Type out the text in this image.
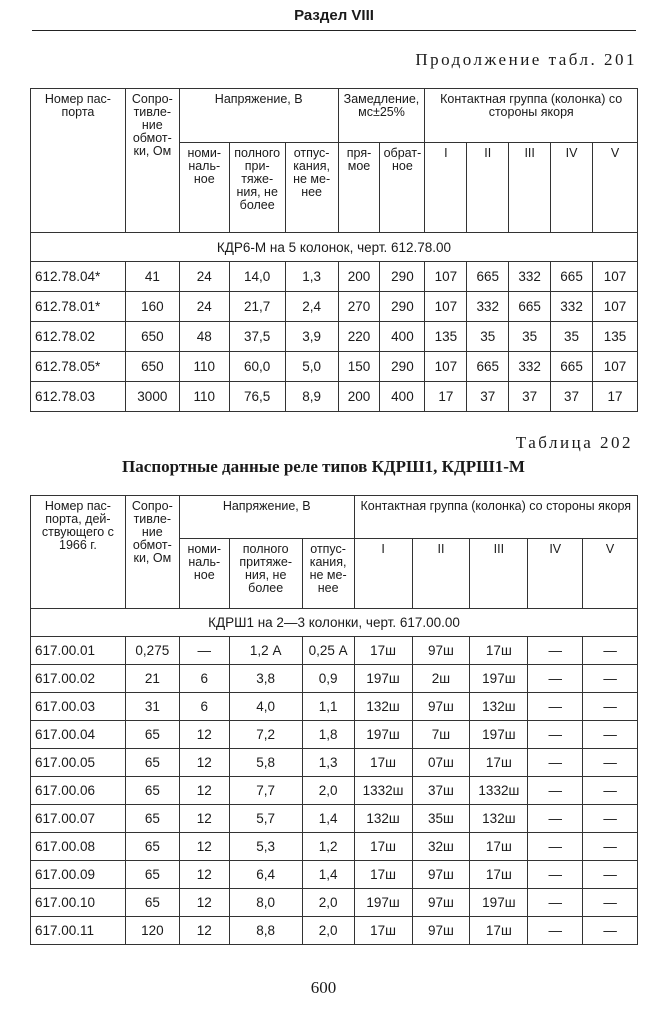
Раздел VIII
Продолжение табл. 201
Номер паспорта	Сопротивление обмотки, Ом	Напряжение, В			Замедление, мс±25%		Контактная группа (колонка) со стороны якоря				
		номинальное	полного притяжения, не более	отпускания, не менее	прямое	обратное	I	II	III	IV	V
КДР6-М на 5 колонок, черт. 612.78.00											
612.78.04*	41	24	14,0	1,3	200	290	107	665	332	665	107
612.78.01*	160	24	21,7	2,4	270	290	107	332	665	332	107
612.78.02	650	48	37,5	3,9	220	400	135	35	35	35	135
612.78.05*	650	110	60,0	5,0	150	290	107	665	332	665	107
612.78.03	3000	110	76,5	8,9	200	400	17	37	37	37	17
Таблица 202
Паспортные данные реле типов КДРШ1, КДРШ1-М
Номер паспорта, действующего с 1966 г.	Сопротивление обмотки, Ом	Напряжение, В			Контактная группа (колонка) со стороны якоря				
		номинальное	полного притяжения, не более	отпускания, не менее	I	II	III	IV	V
КДРШ1 на 2—3 колонки, черт. 617.00.00									
617.00.01	0,275	—	1,2 А	0,25 А	17ш	97ш	17ш	—	—
617.00.02	21	6	3,8	0,9	197ш	2ш	197ш	—	—
617.00.03	31	6	4,0	1,1	132ш	97ш	132ш	—	—
617.00.04	65	12	7,2	1,8	197ш	7ш	197ш	—	—
617.00.05	65	12	5,8	1,3	17ш	07ш	17ш	—	—
617.00.06	65	12	7,7	2,0	1332ш	37ш	1332ш	—	—
617.00.07	65	12	5,7	1,4	132ш	35ш	132ш	—	—
617.00.08	65	12	5,3	1,2	17ш	32ш	17ш	—	—
617.00.09	65	12	6,4	1,4	17ш	97ш	17ш	—	—
617.00.10	65	12	8,0	2,0	197ш	97ш	197ш	—	—
617.00.11	120	12	8,8	2,0	17ш	97ш	17ш	—	—
600
